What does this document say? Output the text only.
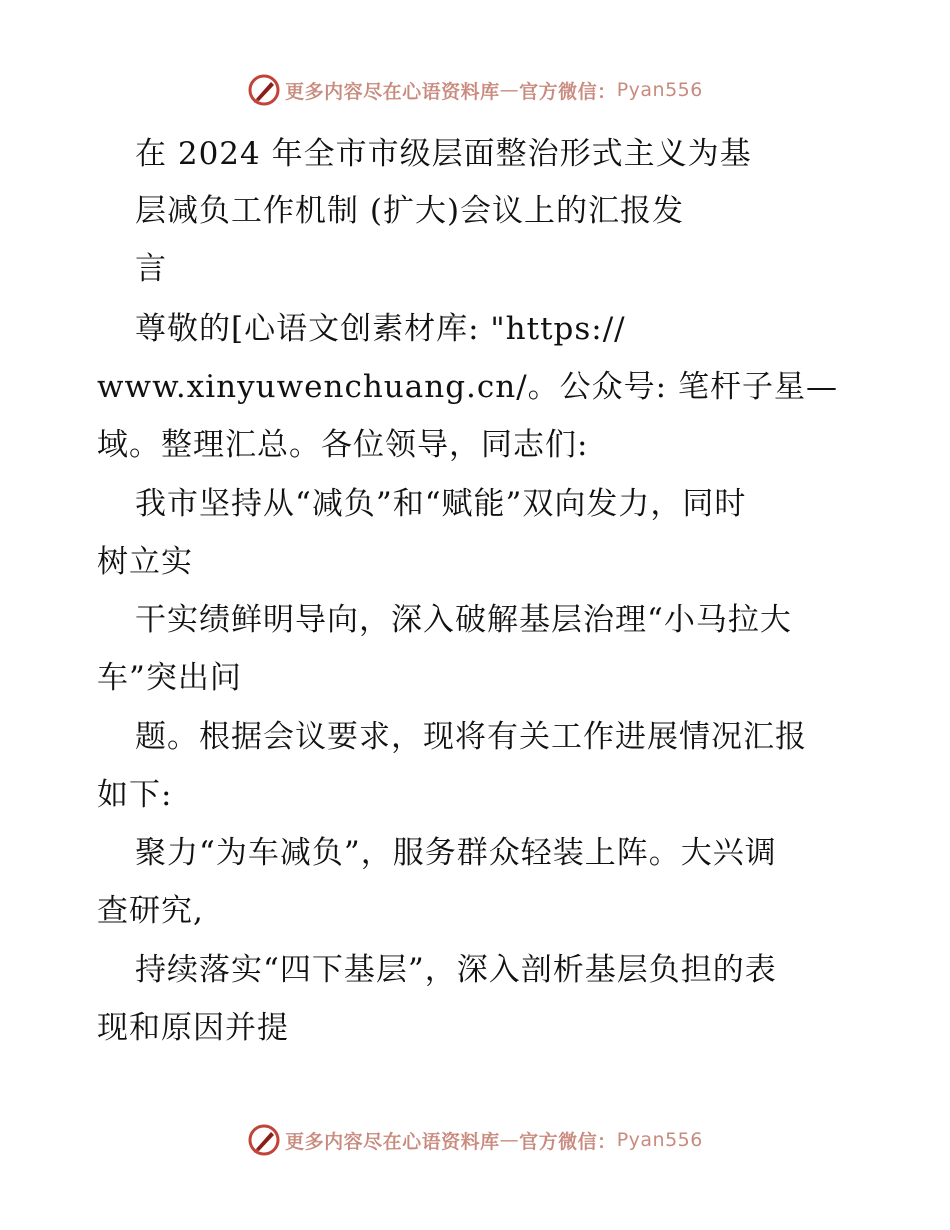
更多内容尽在心语资料库 — 官方微信： Pyan556
在 2024 年全市市级层面整治形式主义为基
层减负工作机制 (扩大)会议上的汇报发
言
尊敬的[心语文创素材库: "https://
www.xinyuwenchuang.cn/。公众号: 笔杆子星—
域。整理汇总。各位领导，同志们:
我市坚持从“减负”和“赋能”双向发力，同时
树立实
干实绩鲜明导向，深入破解基层治理“小马拉大
车”突出问
题。根据会议要求，现将有关工作进展情况汇报
如下:
聚力“为车减负”，服务群众轻装上阵。大兴调
查研究,
持续落实“四下基层”，深入剖析基层负担的表
现和原因并提
更多内容尽在心语资料库 — 官方微信： Pyan556
